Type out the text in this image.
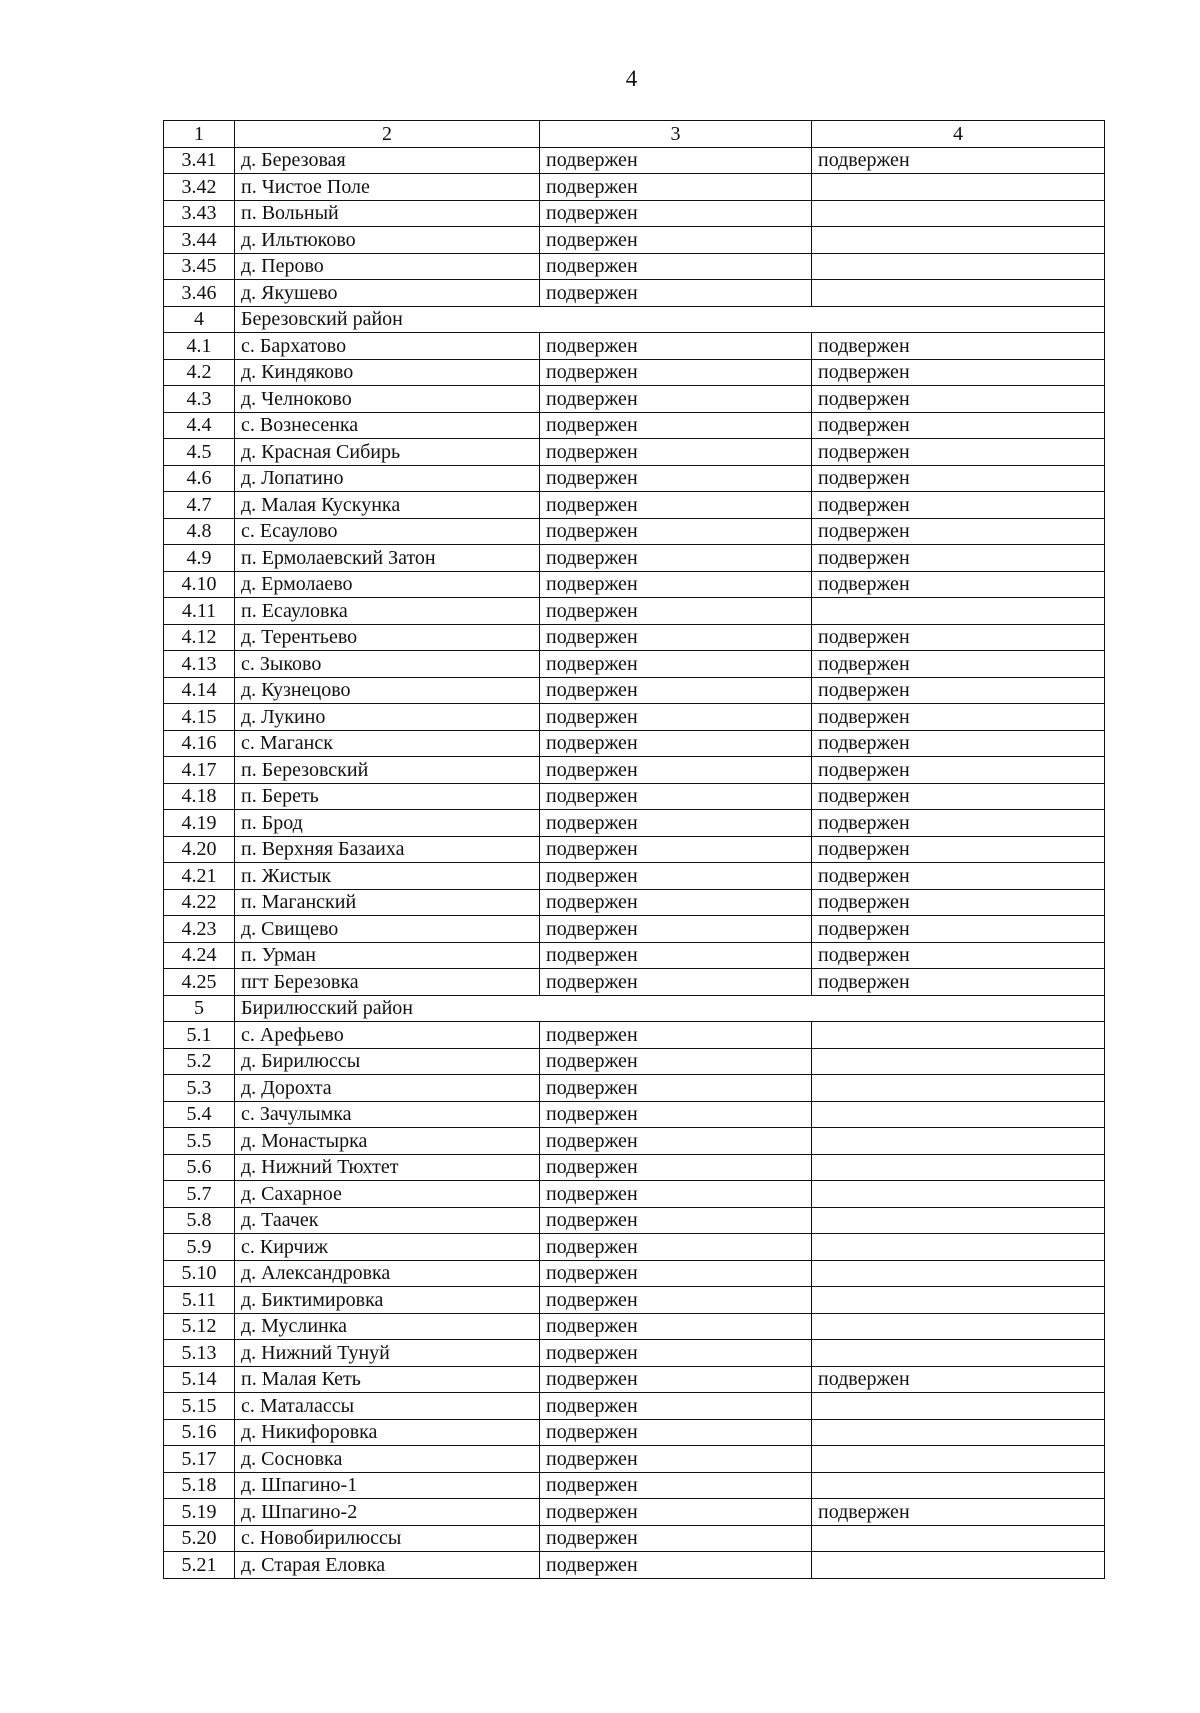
4
1	2	3	4
3.41	д. Березовая	подвержен	подвержен
3.42	п. Чистое Поле	подвержен	
3.43	п. Вольный	подвержен	
3.44	д. Ильтюково	подвержен	
3.45	д. Перово	подвержен	
3.46	д. Якушево	подвержен	
4	Березовский район		
4.1	с. Бархатово	подвержен	подвержен
4.2	д. Киндяково	подвержен	подвержен
4.3	д. Челноково	подвержен	подвержен
4.4	с. Вознесенка	подвержен	подвержен
4.5	д. Красная Сибирь	подвержен	подвержен
4.6	д. Лопатино	подвержен	подвержен
4.7	д. Малая Кускунка	подвержен	подвержен
4.8	с. Есаулово	подвержен	подвержен
4.9	п. Ермолаевский Затон	подвержен	подвержен
4.10	д. Ермолаево	подвержен	подвержен
4.11	п. Есауловка	подвержен	
4.12	д. Терентьево	подвержен	подвержен
4.13	с. Зыково	подвержен	подвержен
4.14	д. Кузнецово	подвержен	подвержен
4.15	д. Лукино	подвержен	подвержен
4.16	с. Маганск	подвержен	подвержен
4.17	п. Березовский	подвержен	подвержен
4.18	п. Береть	подвержен	подвержен
4.19	п. Брод	подвержен	подвержен
4.20	п. Верхняя Базаиха	подвержен	подвержен
4.21	п. Жистык	подвержен	подвержен
4.22	п. Маганский	подвержен	подвержен
4.23	д. Свищево	подвержен	подвержен
4.24	п. Урман	подвержен	подвержен
4.25	пгт Березовка	подвержен	подвержен
5	Бирилюсский район		
5.1	с. Арефьево	подвержен	
5.2	д. Бирилюссы	подвержен	
5.3	д. Дорохта	подвержен	
5.4	с. Зачулымка	подвержен	
5.5	д. Монастырка	подвержен	
5.6	д. Нижний Тюхтет	подвержен	
5.7	д. Сахарное	подвержен	
5.8	д. Таачек	подвержен	
5.9	с. Кирчиж	подвержен	
5.10	д. Александровка	подвержен	
5.11	д. Биктимировка	подвержен	
5.12	д. Муслинка	подвержен	
5.13	д. Нижний Тунуй	подвержен	
5.14	п. Малая Кеть	подвержен	подвержен
5.15	с. Маталассы	подвержен	
5.16	д. Никифоровка	подвержен	
5.17	д. Сосновка	подвержен	
5.18	д. Шпагино-1	подвержен	
5.19	д. Шпагино-2	подвержен	подвержен
5.20	с. Новобирилюссы	подвержен	
5.21	д. Старая Еловка	подвержен	
